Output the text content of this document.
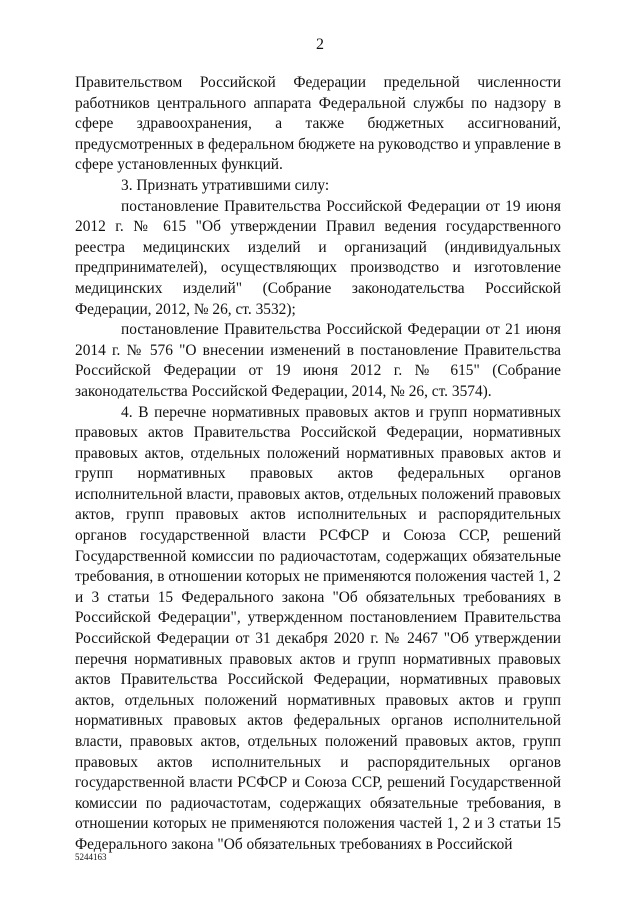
2

Правительством Российской Федерации предельной численности работников центрального аппарата Федеральной службы по надзору в сфере здравоохранения, а также бюджетных ассигнований, предусмотренных в федеральном бюджете на руководство и управление в сфере установленных функций.

3. Признать утратившими силу:

постановление Правительства Российской Федерации от 19 июня 2012 г. № 615 "Об утверждении Правил ведения государственного реестра медицинских изделий и организаций (индивидуальных предпринимателей), осуществляющих производство и изготовление медицинских изделий" (Собрание законодательства Российской Федерации, 2012, № 26, ст. 3532);

постановление Правительства Российской Федерации от 21 июня 2014 г. № 576 "О внесении изменений в постановление Правительства Российской Федерации от 19 июня 2012 г. № 615" (Собрание законодательства Российской Федерации, 2014, № 26, ст. 3574).

4. В перечне нормативных правовых актов и групп нормативных правовых актов Правительства Российской Федерации, нормативных правовых актов, отдельных положений нормативных правовых актов и групп нормативных правовых актов федеральных органов исполнительной власти, правовых актов, отдельных положений правовых актов, групп правовых актов исполнительных и распорядительных органов государственной власти РСФСР и Союза ССР, решений Государственной комиссии по радиочастотам, содержащих обязательные требования, в отношении которых не применяются положения частей 1, 2 и 3 статьи 15 Федерального закона "Об обязательных требованиях в Российской Федерации", утвержденном постановлением Правительства Российской Федерации от 31 декабря 2020 г. № 2467 "Об утверждении перечня нормативных правовых актов и групп нормативных правовых актов Правительства Российской Федерации, нормативных правовых актов, отдельных положений нормативных правовых актов и групп нормативных правовых актов федеральных органов исполнительной власти, правовых актов, отдельных положений правовых актов, групп правовых актов исполнительных и распорядительных органов государственной власти РСФСР и Союза ССР, решений Государственной комиссии по радиочастотам, содержащих обязательные требования, в отношении которых не применяются положения частей 1, 2 и 3 статьи 15 Федерального закона "Об обязательных требованиях в Российской

5244163
